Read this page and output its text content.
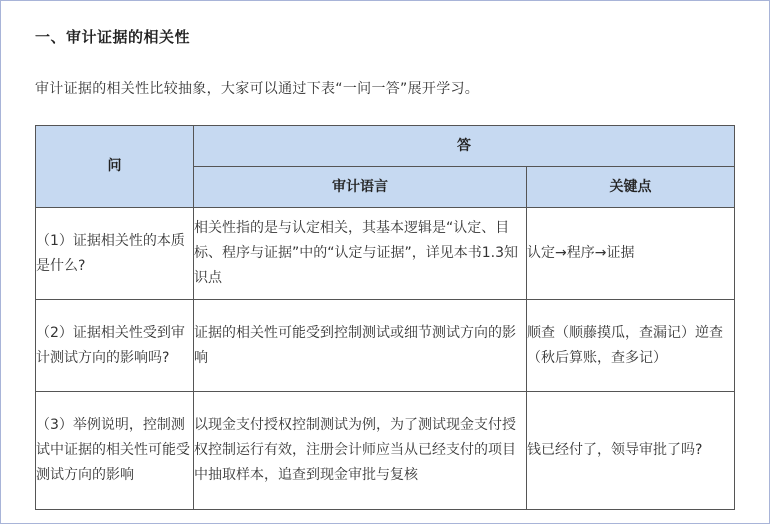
一、审计证据的相关性
审计证据的相关性比较抽象，大家可以通过下表“一问一答”展开学习。
问	答	
	审计语言	关键点

（1）证据相关性的本质是什么?	相关性指的是与认定相关，其基本逻辑是“认定、目标、程序与证据”中的“认定与证据”，详见本书1.3知识点	认定→程序→证据

（2）证据相关性受到审计测试方向的影响吗?	证据的相关性可能受到控制测试或细节测试方向的影响	顺查（顺藤摸瓜，查漏记）逆查（秋后算账，查多记）

（3）举例说明，控制测试中证据的相关性可能受测试方向的影响	以现金支付授权控制测试为例，为了测试现金支付授权控制运行有效，注册会计师应当从已经支付的项目中抽取样本，追查到现金审批与复核	钱已经付了，领导审批了吗?
